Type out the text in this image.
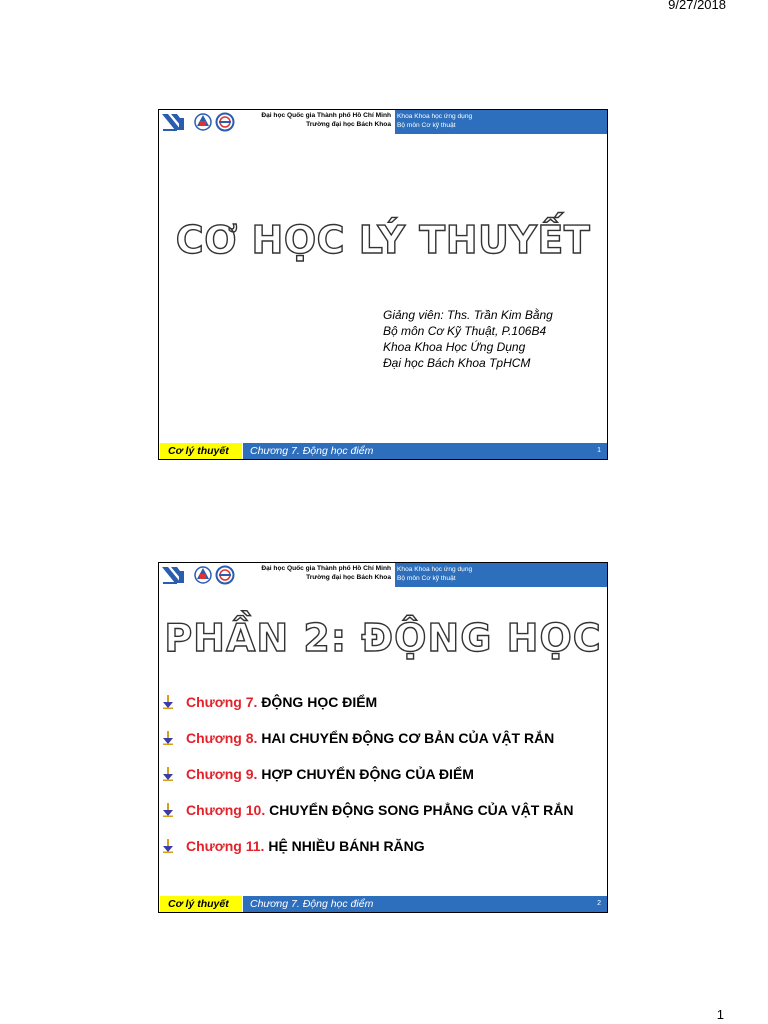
9/27/2018
Đại học Quốc gia Thành phố Hồ Chí Minh
Trường đại học Bách Khoa
Khoa Khoa học ứng dụng
Bộ môn Cơ kỹ thuật
CƠ HỌC LÝ THUYẾT
Giảng viên: Ths. Trần Kim Bằng
Bộ môn Cơ Kỹ Thuật, P.106B4
Khoa Khoa Học Ứng Dụng
Đại học Bách Khoa TpHCM
Cơ lý thuyết	Chương 7. Động học điểm	1
Đại học Quốc gia Thành phố Hồ Chí Minh
Trường đại học Bách Khoa
Khoa Khoa học ứng dụng
Bộ môn Cơ kỹ thuật
PHẦN 2: ĐỘNG HỌC
Chương 7. ĐỘNG HỌC ĐIỂM
Chương 8. HAI CHUYỂN ĐỘNG CƠ BẢN CỦA VẬT RẮN
Chương 9. HỢP CHUYỂN ĐỘNG CỦA ĐIỂM
Chương 10. CHUYỂN ĐỘNG SONG PHẲNG CỦA VẬT RẮN
Chương 11. HỆ NHIỀU BÁNH RĂNG
Cơ lý thuyết	Chương 7. Động học điểm	2
1
